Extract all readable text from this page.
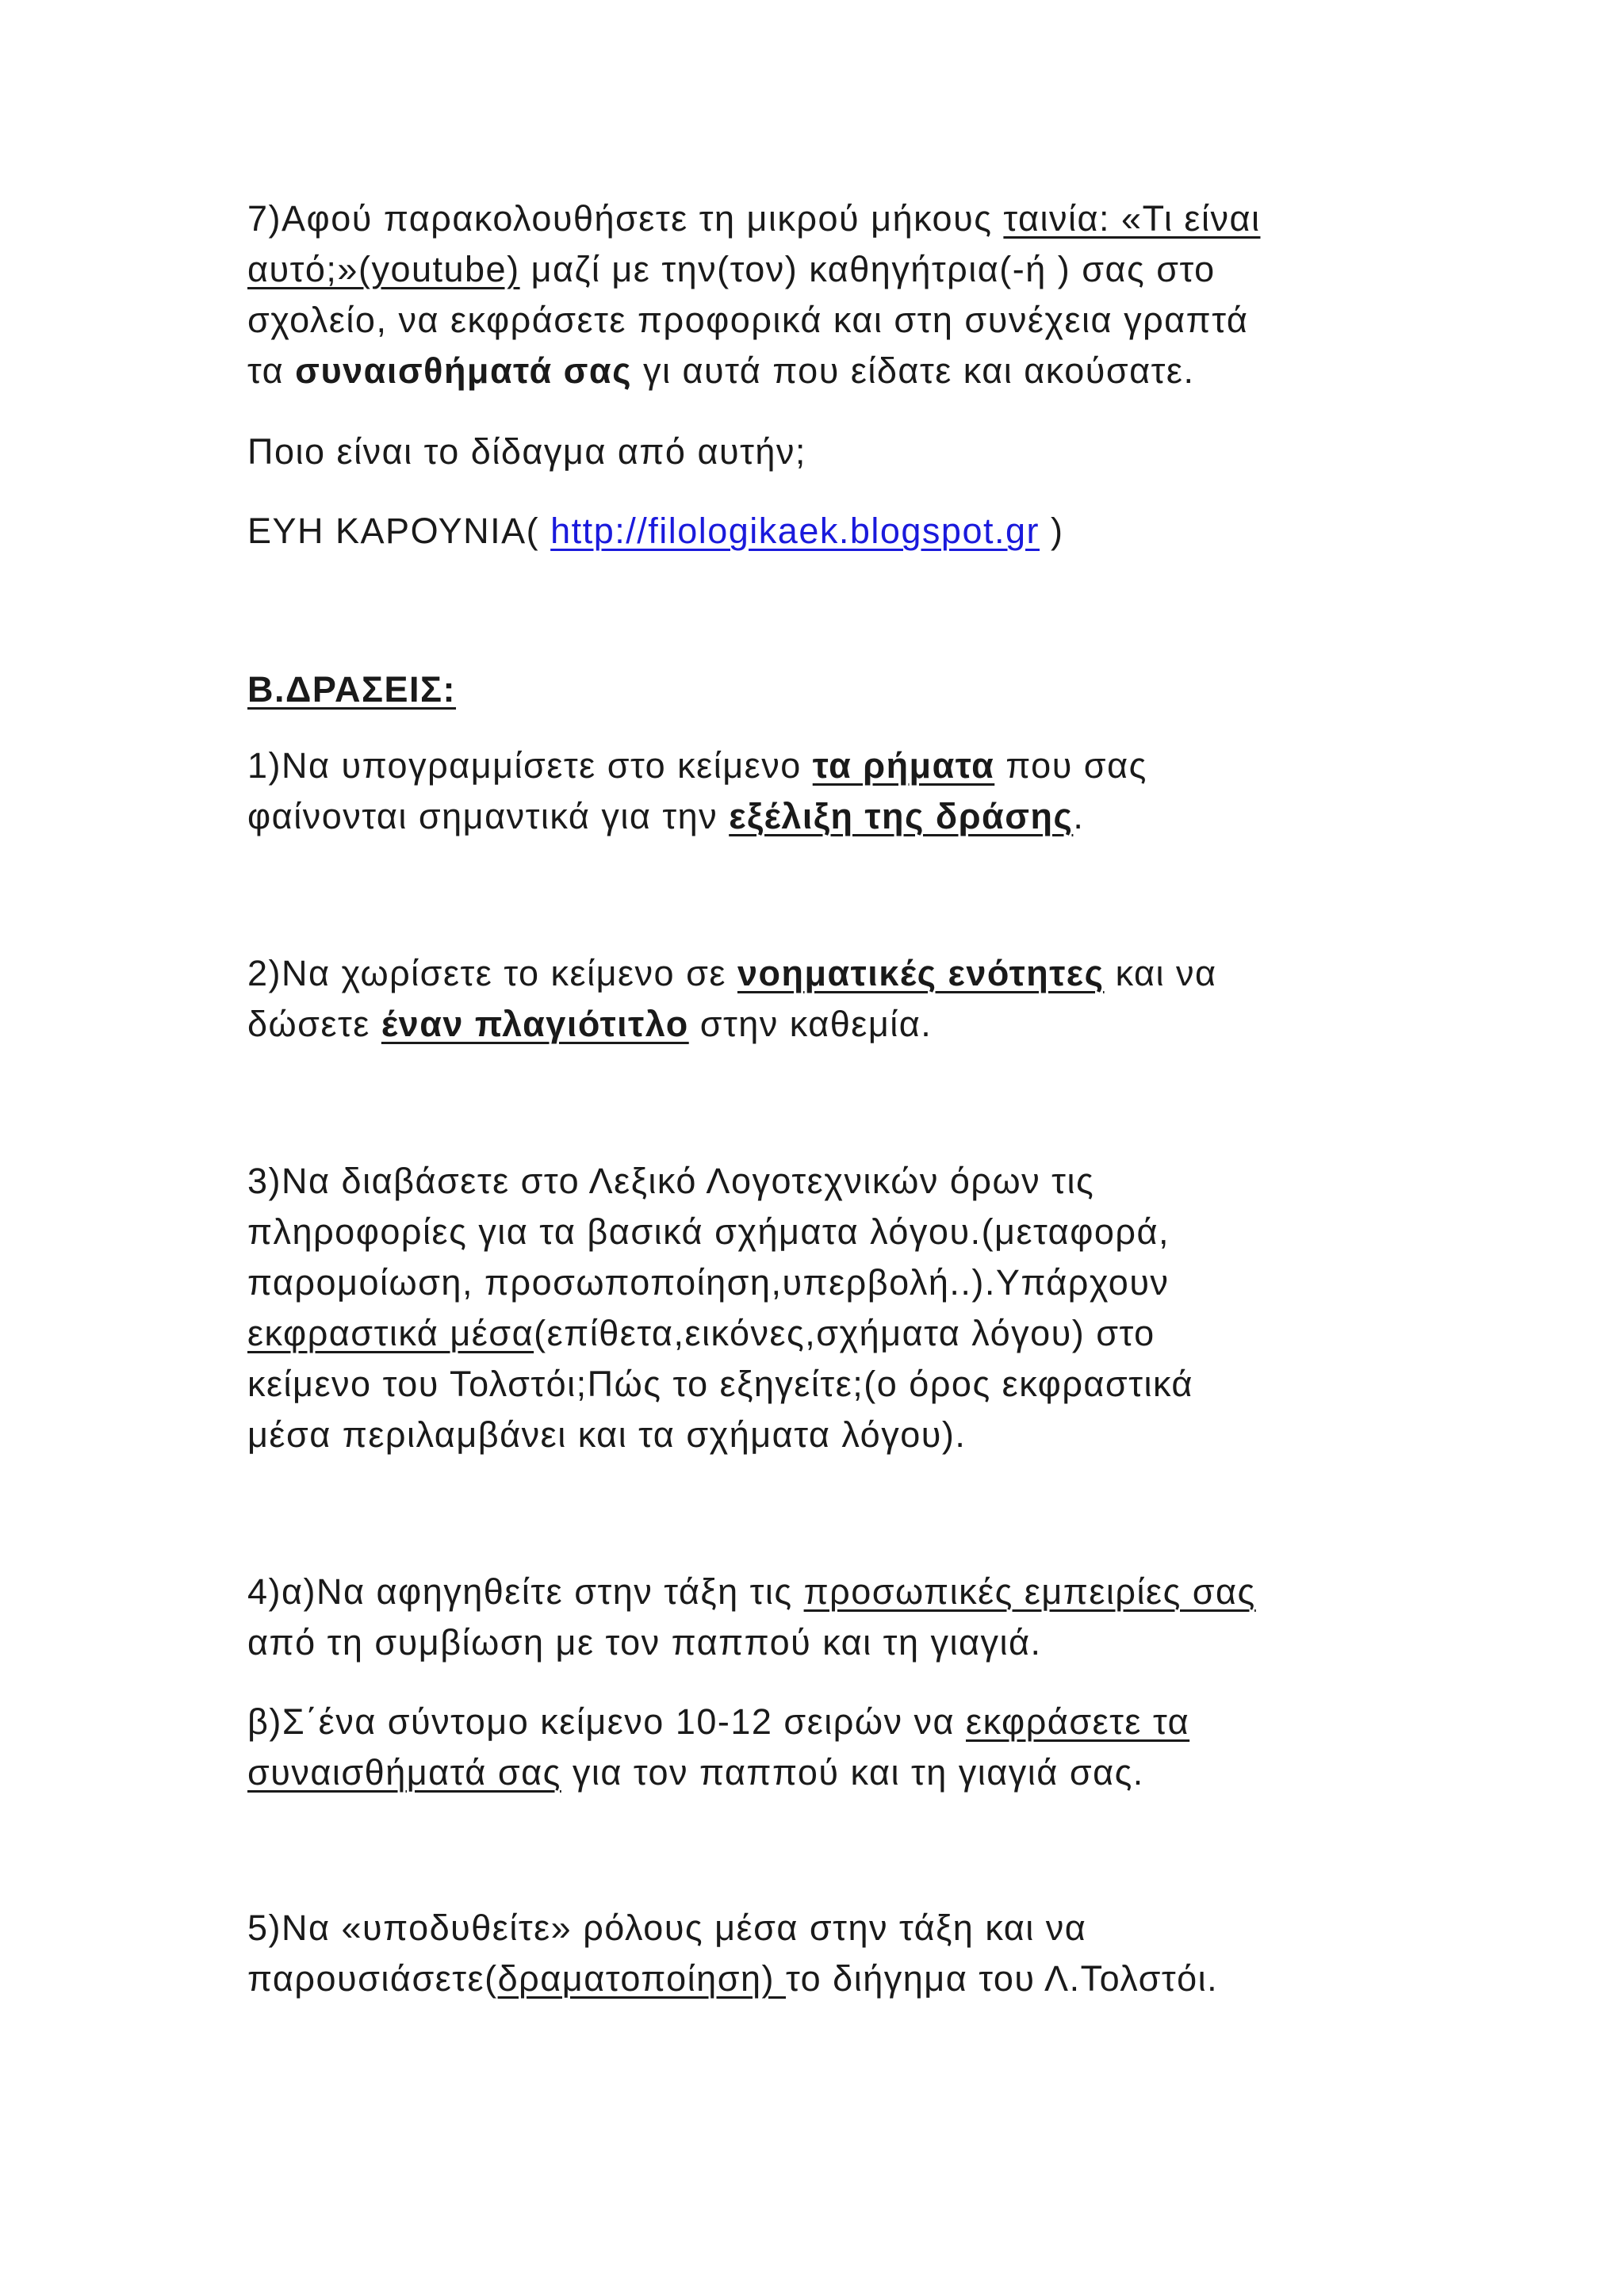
7)Αφού παρακολουθήσετε τη μικρού μήκους ταινία: «Τι είναι
αυτό;»(youtube) μαζί με την(τον) καθηγήτρια(-ή ) σας στο
σχολείο, να εκφράσετε προφορικά και στη συνέχεια γραπτά
τα συναισθήματά σας γι αυτά που είδατε και ακούσατε.

Ποιο είναι το δίδαγμα από αυτήν;

ΕΥΗ ΚΑΡΟΥΝΙΑ( http://filologikaek.blogspot.gr )

Β.ΔΡΑΣΕΙΣ:

1)Να υπογραμμίσετε στο κείμενο τα ρήματα που σας
φαίνονται σημαντικά για την εξέλιξη της δράσης.

2)Να χωρίσετε το κείμενο σε νοηματικές ενότητες και να
δώσετε έναν πλαγιότιτλο στην καθεμία.

3)Να διαβάσετε στο Λεξικό Λογοτεχνικών όρων τις
πληροφορίες για τα βασικά σχήματα λόγου.(μεταφορά,
παρομοίωση, προσωποποίηση,υπερβολή..).Υπάρχουν
εκφραστικά μέσα(επίθετα,εικόνες,σχήματα λόγου) στο
κείμενο του Τολστόι;Πώς το εξηγείτε;(ο όρος εκφραστικά
μέσα περιλαμβάνει και τα σχήματα λόγου).

4)α)Να αφηγηθείτε στην τάξη τις προσωπικές εμπειρίες σας
από τη συμβίωση με τον παππού και τη γιαγιά.

β)Σ΄ένα σύντομο κείμενο 10-12 σειρών να εκφράσετε τα
συναισθήματά σας για τον παππού και τη γιαγιά σας.

5)Να «υποδυθείτε» ρόλους μέσα στην τάξη και να
παρουσιάσετε(δραματοποίηση) το διήγημα του Λ.Τολστόι.
